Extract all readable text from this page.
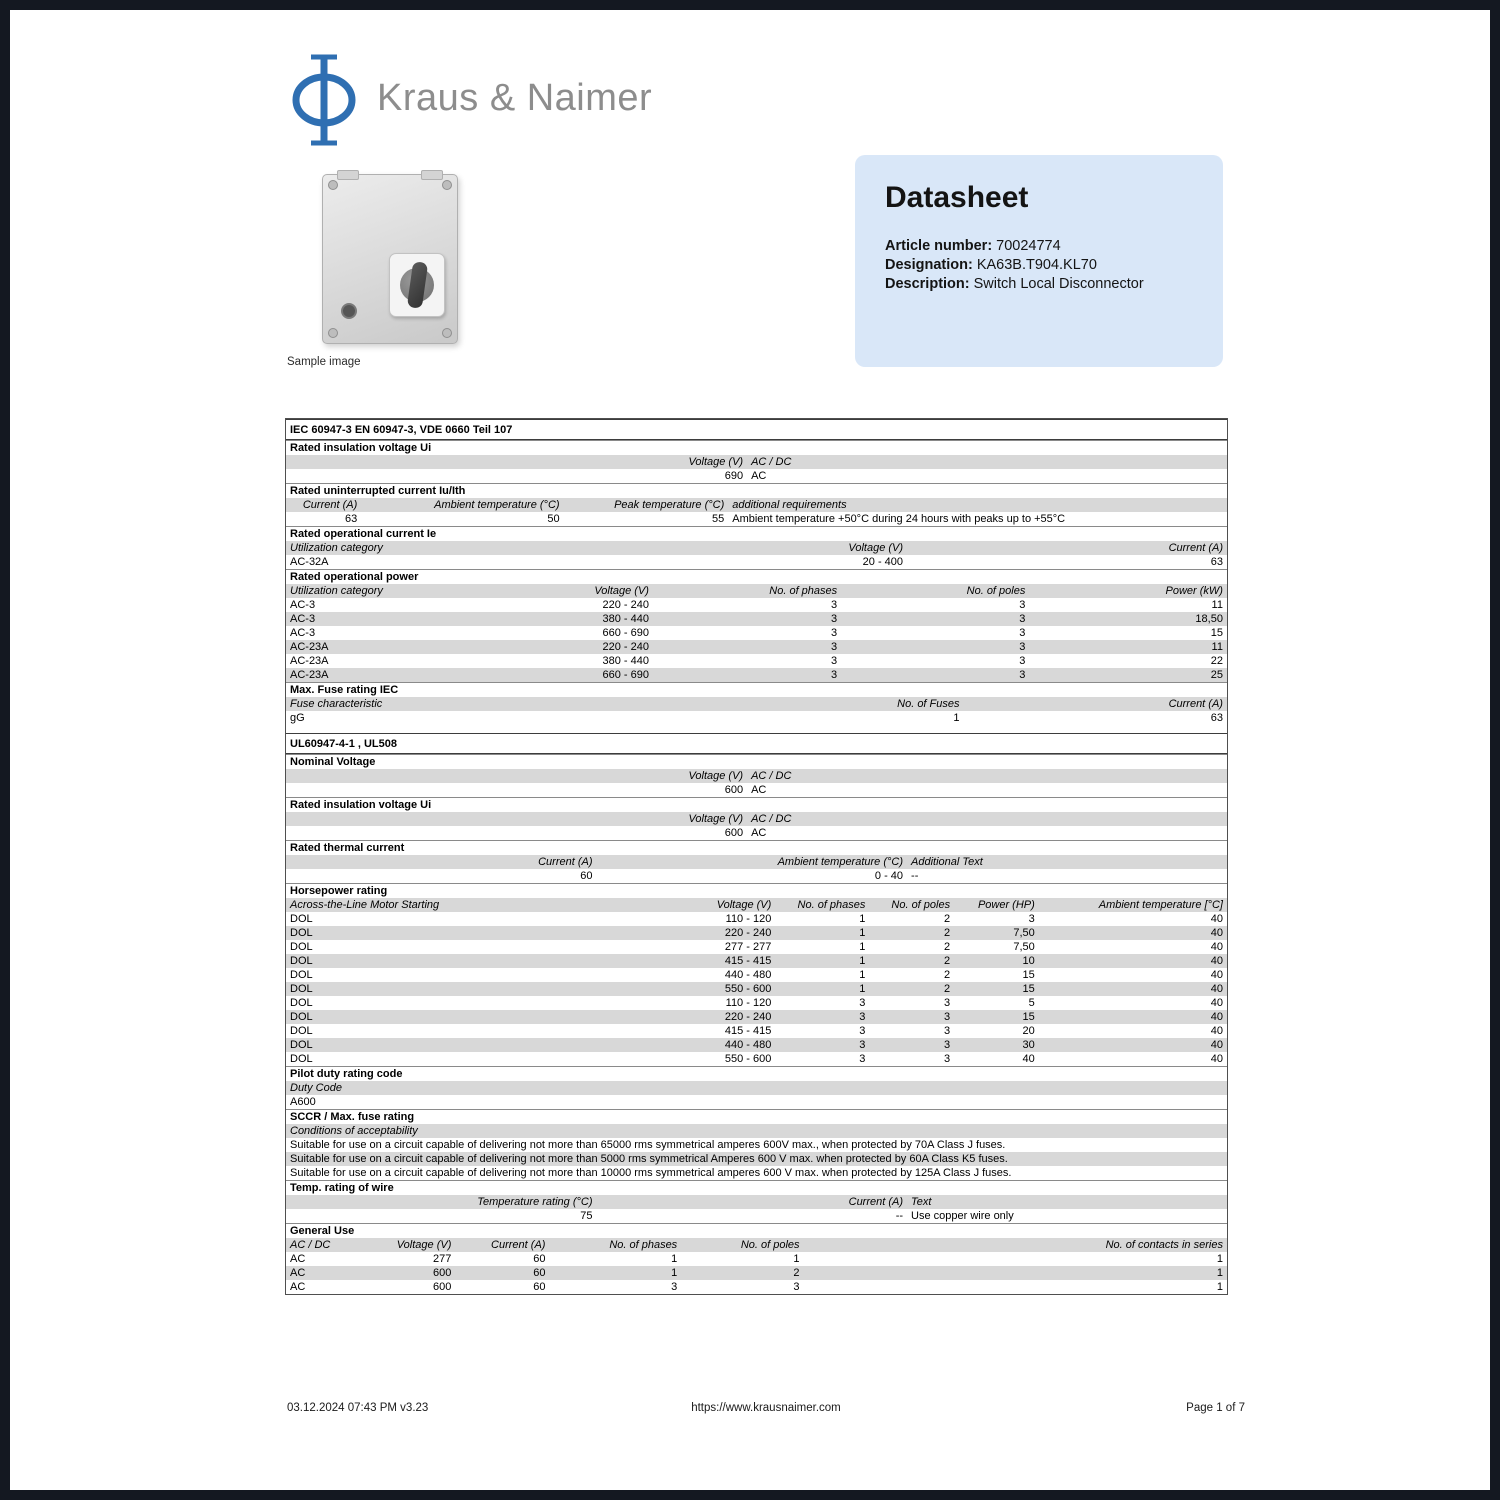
Kraus & Naimer
Sample image
Datasheet
Article number: 70024774
Designation: KA63B.T904.KL70
Description: Switch Local Disconnector
IEC 60947-3 EN 60947-3, VDE 0660 Teil 107
Rated insulation voltage Ui
Voltage (V) AC / DC
690 AC
Rated uninterrupted current Iu/Ith
Current (A)	Ambient temperature (°C)	Peak temperature (°C) additional requirements
63	50	55 Ambient temperature +50°C during 24 hours with peaks up to +55°C
Rated operational current Ie
Utilization category	Voltage (V)	Current (A)
AC-32A	20 - 400	63
Rated operational power
Utilization category	Voltage (V)	No. of phases	No. of poles	Power (kW)
AC-3	220 - 240	3	3	11
AC-3	380 - 440	3	3	18,50
AC-3	660 - 690	3	3	15
AC-23A	220 - 240	3	3	11
AC-23A	380 - 440	3	3	22
AC-23A	660 - 690	3	3	25
Max. Fuse rating IEC
Fuse characteristic	No. of Fuses	Current (A)
gG	1	63
UL60947-4-1 , UL508
Nominal Voltage
Voltage (V) AC / DC
600 AC
Rated insulation voltage Ui
Voltage (V) AC / DC
600 AC
Rated thermal current
Current (A)	Ambient temperature (°C) Additional Text
60	0 - 40 --
Horsepower rating
Across-the-Line Motor Starting	Voltage (V)	No. of phases	No. of poles	Power (HP)	Ambient temperature [°C]
DOL	110 - 120	1	2	3	40
DOL	220 - 240	1	2	7,50	40
DOL	277 - 277	1	2	7,50	40
DOL	415 - 415	1	2	10	40
DOL	440 - 480	1	2	15	40
DOL	550 - 600	1	2	15	40
DOL	110 - 120	3	3	5	40
DOL	220 - 240	3	3	15	40
DOL	415 - 415	3	3	20	40
DOL	440 - 480	3	3	30	40
DOL	550 - 600	3	3	40	40
Pilot duty rating code
Duty Code
A600
SCCR / Max. fuse rating
Conditions of acceptability
Suitable for use on a circuit capable of delivering not more than 65000 rms symmetrical amperes 600V max., when protected by 70A Class J fuses.
Suitable for use on a circuit capable of delivering not more than 5000 rms symmetrical Amperes 600 V max. when protected by 60A Class K5 fuses.
Suitable for use on a circuit capable of delivering not more than 10000 rms symmetrical amperes 600 V max. when protected by 125A Class J fuses.
Temp. rating of wire
Temperature rating (°C)	Current (A) Text
75	-- Use copper wire only
General Use
AC / DC	Voltage (V)	Current (A)	No. of phases	No. of poles	No. of contacts in series
AC	277	60	1	1	1
AC	600	60	1	2	1
AC	600	60	3	3	1
03.12.2024 07:43 PM v3.23	https://www.krausnaimer.com	Page 1 of 7
